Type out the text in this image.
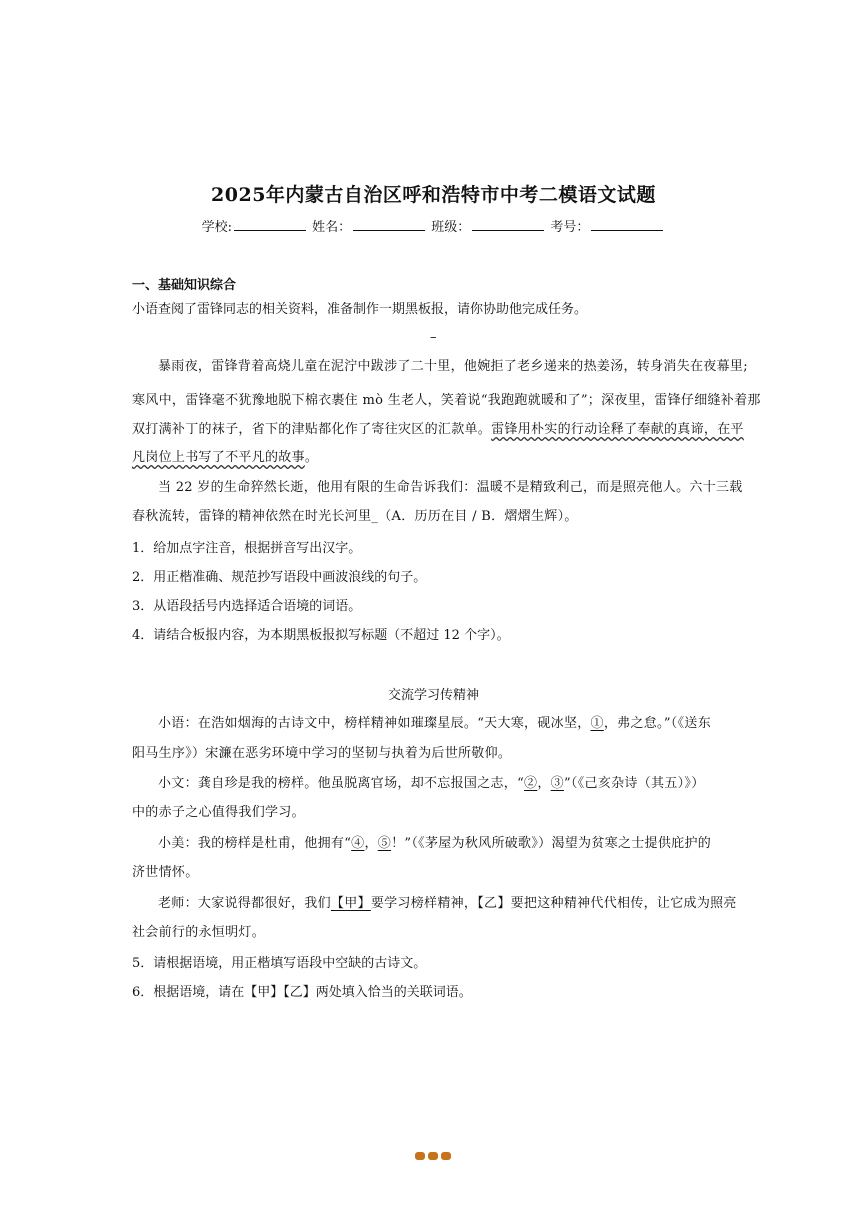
2025年内蒙古自治区呼和浩特市中考二模语文试题
学校:	姓名：	班级：	考号：
一、基础知识综合
小语查阅了雷锋同志的相关资料，准备制作一期黑板报，请你协助他完成任务。
–
暴雨夜，雷锋背着高烧儿童在泥泞中跋涉了二十里，他婉拒了老乡递来的热姜汤，转身消失在夜幕里;
寒风中，雷锋毫不犹豫地脱下棉衣裹住 mò 生老人，笑着说“我跑跑就暖和了”；深夜里，雷锋仔细缝补着那
双打满补丁的袜子，省下的津贴都化作了寄往灾区的汇款单。雷锋用朴实的行动诠释了奉献的真谛，在平
凡岗位上书写了不平凡的故事。
当 22 岁的生命猝然长逝，他用有限的生命告诉我们：温暖不是精致利己，而是照亮他人。六十三载
春秋流转，雷锋的精神依然在时光长河里_（A．历历在目 / B．熠熠生辉）。
1．给加点字注音，根据拼音写出汉字。
2．用正楷准确、规范抄写语段中画波浪线的句子。
3．从语段括号内选择适合语境的词语。
4．请结合板报内容，为本期黑板报拟写标题（不超过 12 个字）。
交流学习传精神
小语：在浩如烟海的古诗文中，榜样精神如璀璨星辰。“天大寒，砚冰坚，①，弗之怠。”（《送东
阳马生序》）宋濂在恶劣环境中学习的坚韧与执着为后世所敬仰。
小文：龚自珍是我的榜样。他虽脱离官场，却不忘报国之志，“②，③”（《己亥杂诗（其五）》）
中的赤子之心值得我们学习。
小美：我的榜样是杜甫，他拥有“④，⑤！”（《茅屋为秋风所破歌》）渴望为贫寒之士提供庇护的
济世情怀。
老师：大家说得都很好，我们【甲】要学习榜样精神，【乙】要把这种精神代代相传，让它成为照亮
社会前行的永恒明灯。
5．请根据语境，用正楷填写语段中空缺的古诗文。
6．根据语境，请在【甲】【乙】两处填入恰当的关联词语。
